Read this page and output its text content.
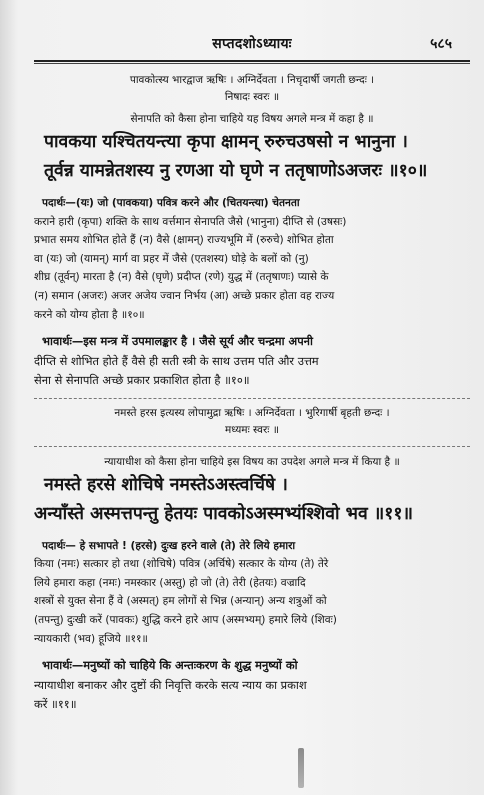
सप्तदशोऽध्यायः	५८५
पावकोत्स्य भारद्वाज ऋषिः । अग्निर्देवता । निचृदार्षी जगती छन्दः ।
निषादः स्वरः ॥
सेनापति को कैसा होना चाहिये यह विषय अगले मन्त्र में कहा है ॥
पावकया यश्चितयन्त्या कृपा क्षामन् रुरुचउषसो न भानुना ।
तूर्वन्न यामन्नेतशस्य नु रणआ यो घृणे न ततृषाणोऽअजरः ॥१०॥
पदार्थः—(यः) जो (पावकया) पवित्र करने और (चितयन्त्या) चेतनता
कराने हारी (कृपा) शक्ति के साथ वर्त्तमान सेनापति जैसे (भानुना) दीप्ति से (उषसः)
प्रभात समय शोभित होते हैं (न) वैसे (क्षामन्) राज्यभूमि में (रुरुचे) शोभित होता
वा (यः) जो (यामन्) मार्ग वा प्रहर में जैसे (एतशस्य) घोड़े के बलों को (नु)
शीघ्र (तूर्वन्) मारता है (न) वैसे (घृणे) प्रदीप्त (रणे) युद्ध में (ततृषाणः) प्यासे के
(न) समान (अजरः) अजर अजेय ज्वान निर्भय (आ) अच्छे प्रकार होता वह राज्य
करने को योग्य होता है ॥१०॥
भावार्थः—इस मन्त्र में उपमालङ्कार है । जैसे सूर्य और चन्द्रमा अपनी
दीप्ति से शोभित होते हैं वैसे ही सती स्त्री के साथ उत्तम पति और उत्तम
सेना से सेनापति अच्छे प्रकार प्रकाशित होता है ॥१०॥
नमस्ते हरस इत्यस्य लोपामुद्रा ऋषिः । अग्निर्देवता । भुरिगार्षी बृहती छन्दः ।
मध्यमः स्वरः ॥
न्यायाधीश को कैसा होना चाहिये इस विषय का उपदेश अगले मन्त्र में किया है ॥
नमस्ते हरसे शोचिषे नमस्तेऽअस्त्वर्चिषे ।
अन्याँस्ते अस्मत्तपन्तु हेतयः पावकोऽअस्मभ्यंश्शिवो भव ॥११॥
पदार्थः— हे सभापते ! (हरसे) दुःख हरने वाले (ते) तेरे लिये हमारा
किया (नमः) सत्कार हो तथा (शोचिषे) पवित्र (अर्चिषे) सत्कार के योग्य (ते) तेरे
लिये हमारा कहा (नमः) नमस्कार (अस्तु) हो जो (ते) तेरी (हेतयः) वज्रादि
शस्त्रों से युक्त सेना हैं वे (अस्मत्) हम लोगों से भिन्न (अन्यान्) अन्य शत्रुओं को
(तपन्तु) दुःखी करें (पावकः) शुद्धि करने हारे आप (अस्मभ्यम्) हमारे लिये (शिवः)
न्यायकारी (भव) हूजिये ॥११॥
भावार्थः—मनुष्यों को चाहिये कि अन्तःकरण के शुद्ध मनुष्यों को
न्यायाधीश बनाकर और दुष्टों की निवृत्ति करके सत्य न्याय का प्रकाश
करें ॥११॥
